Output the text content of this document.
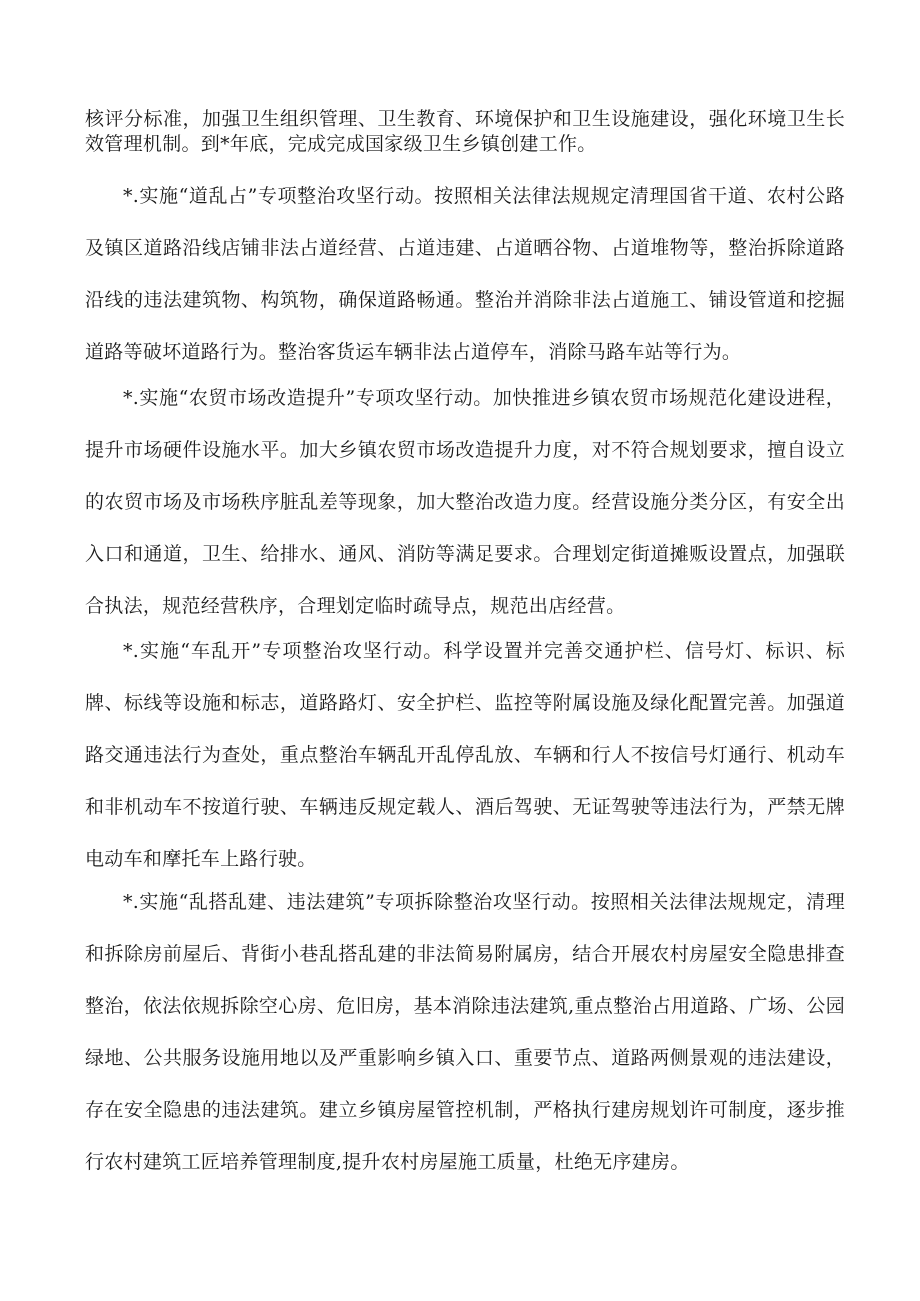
核评分标准，加强卫生组织管理、卫生教育、环境保护和卫生设施建设，强化环境卫生长效管理机制。到*年底，完成完成国家级卫生乡镇创建工作。

*.实施“道乱占”专项整治攻坚行动。按照相关法律法规规定清理国省干道、农村公路及镇区道路沿线店铺非法占道经营、占道违建、占道晒谷物、占道堆物等，整治拆除道路沿线的违法建筑物、构筑物，确保道路畅通。整治并消除非法占道施工、铺设管道和挖掘道路等破坏道路行为。整治客货运车辆非法占道停车，消除马路车站等行为。

*.实施“农贸市场改造提升”专项攻坚行动。加快推进乡镇农贸市场规范化建设进程，提升市场硬件设施水平。加大乡镇农贸市场改造提升力度，对不符合规划要求，擅自设立的农贸市场及市场秩序脏乱差等现象，加大整治改造力度。经营设施分类分区，有安全出入口和通道，卫生、给排水、通风、消防等满足要求。合理划定街道摊贩设置点，加强联合执法，规范经营秩序，合理划定临时疏导点，规范出店经营。

*.实施“车乱开”专项整治攻坚行动。科学设置并完善交通护栏、信号灯、标识、标牌、标线等设施和标志，道路路灯、安全护栏、监控等附属设施及绿化配置完善。加强道路交通违法行为查处，重点整治车辆乱开乱停乱放、车辆和行人不按信号灯通行、机动车和非机动车不按道行驶、车辆违反规定载人、酒后驾驶、无证驾驶等违法行为，严禁无牌电动车和摩托车上路行驶。

*.实施“乱搭乱建、违法建筑”专项拆除整治攻坚行动。按照相关法律法规规定，清理和拆除房前屋后、背街小巷乱搭乱建的非法简易附属房，结合开展农村房屋安全隐患排查整治，依法依规拆除空心房、危旧房，基本消除违法建筑,重点整治占用道路、广场、公园绿地、公共服务设施用地以及严重影响乡镇入口、重要节点、道路两侧景观的违法建设，存在安全隐患的违法建筑。建立乡镇房屋管控机制，严格执行建房规划许可制度，逐步推行农村建筑工匠培养管理制度,提升农村房屋施工质量，杜绝无序建房。
